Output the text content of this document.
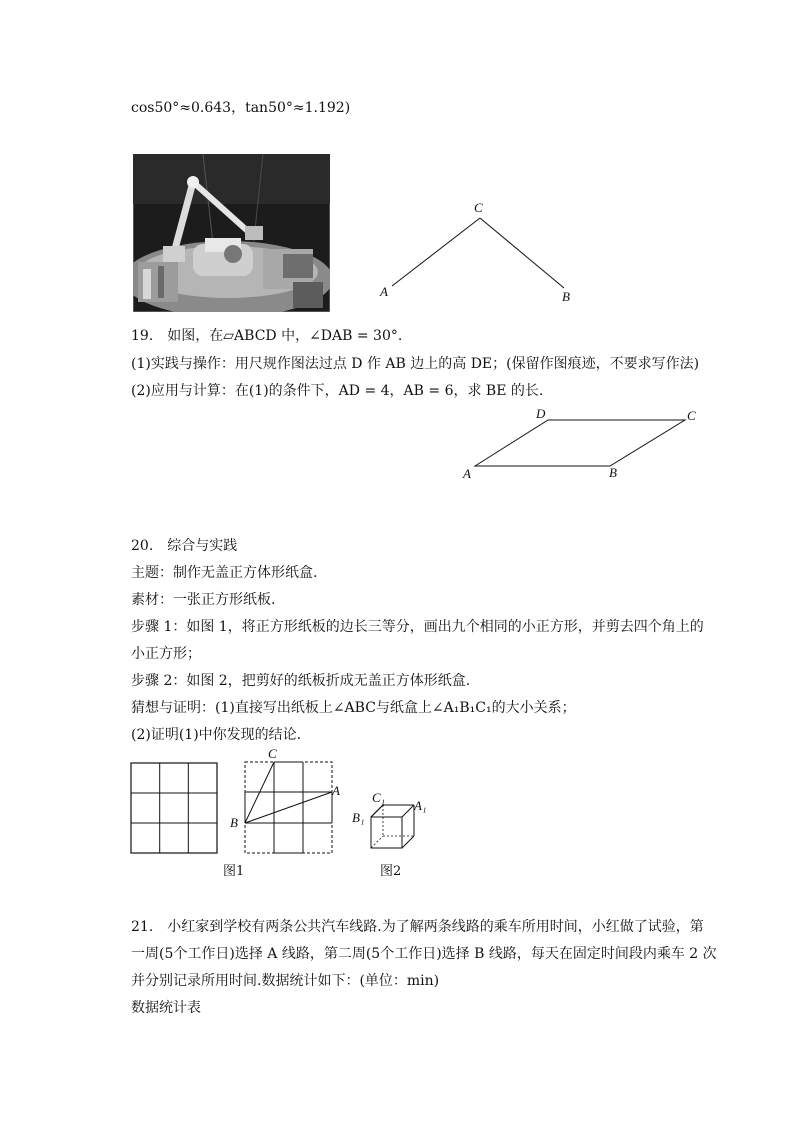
cos50°≈0.643，tan50°≈1.192)
C
A	B
19.　如图，在▱ABCD 中，∠DAB = 30°.
(1)实践与操作：用尺规作图法过点 D 作 AB 边上的高 DE；(保留作图痕迹，不要求写作法)
(2)应用与计算：在(1)的条件下，AD = 4，AB = 6，求 BE 的长.
D	C
A	B
20.　综合与实践
主题：制作无盖正方体形纸盒.
素材：一张正方形纸板.
步骤 1：如图 1，将正方形纸板的边长三等分，画出九个相同的小正方形，并剪去四个角上的
小正方形；
步骤 2：如图 2，把剪好的纸板折成无盖正方体形纸盒.
猜想与证明：(1)直接写出纸板上∠ABC与纸盒上∠A₁B₁C₁的大小关系；
(2)证明(1)中你发现的结论.
C
A
B
图1
C₁
A₁
B₁
图2
21.　小红家到学校有两条公共汽车线路.为了解两条线路的乘车所用时间，小红做了试验，第
一周(5个工作日)选择 A 线路，第二周(5个工作日)选择 B 线路，每天在固定时间段内乘车 2 次
并分别记录所用时间.数据统计如下：(单位：min)
数据统计表
